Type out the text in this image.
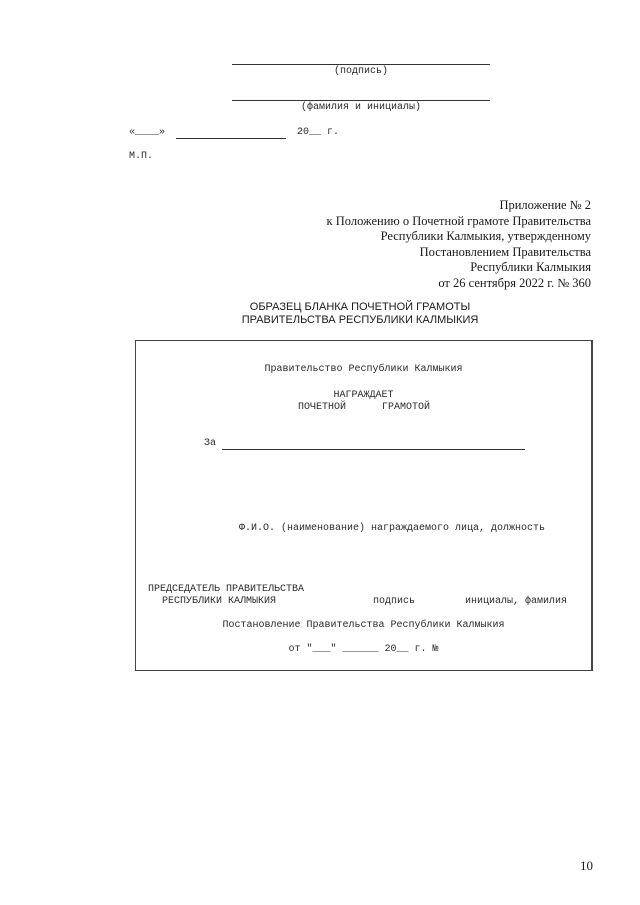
(подпись)
(фамилия и инициалы)
«____»	20__ г.
М.П.
Приложение № 2
к Положению о Почетной грамоте Правительства
Республики Калмыкия, утвержденному
Постановлением Правительства
Республики Калмыкия
от 26 сентября 2022 г. № 360
ОБРАЗЕЦ БЛАНКА ПОЧЕТНОЙ ГРАМОТЫ
ПРАВИТЕЛЬСТВА РЕСПУБЛИКИ КАЛМЫКИЯ
Правительство Республики Калмыкия
НАГРАЖДАЕТ
ПОЧЕТНОЙ	ГРАМОТОЙ
За
Ф.И.О. (наименование) награждаемого лица, должность
ПРЕДСЕДАТЕЛЬ ПРАВИТЕЛЬСТВА
РЕСПУБЛИКИ КАЛМЫКИЯ	подпись	инициалы, фамилия
Постановление Правительства Республики Калмыкия
от "___" ______ 20__ г. №
10
